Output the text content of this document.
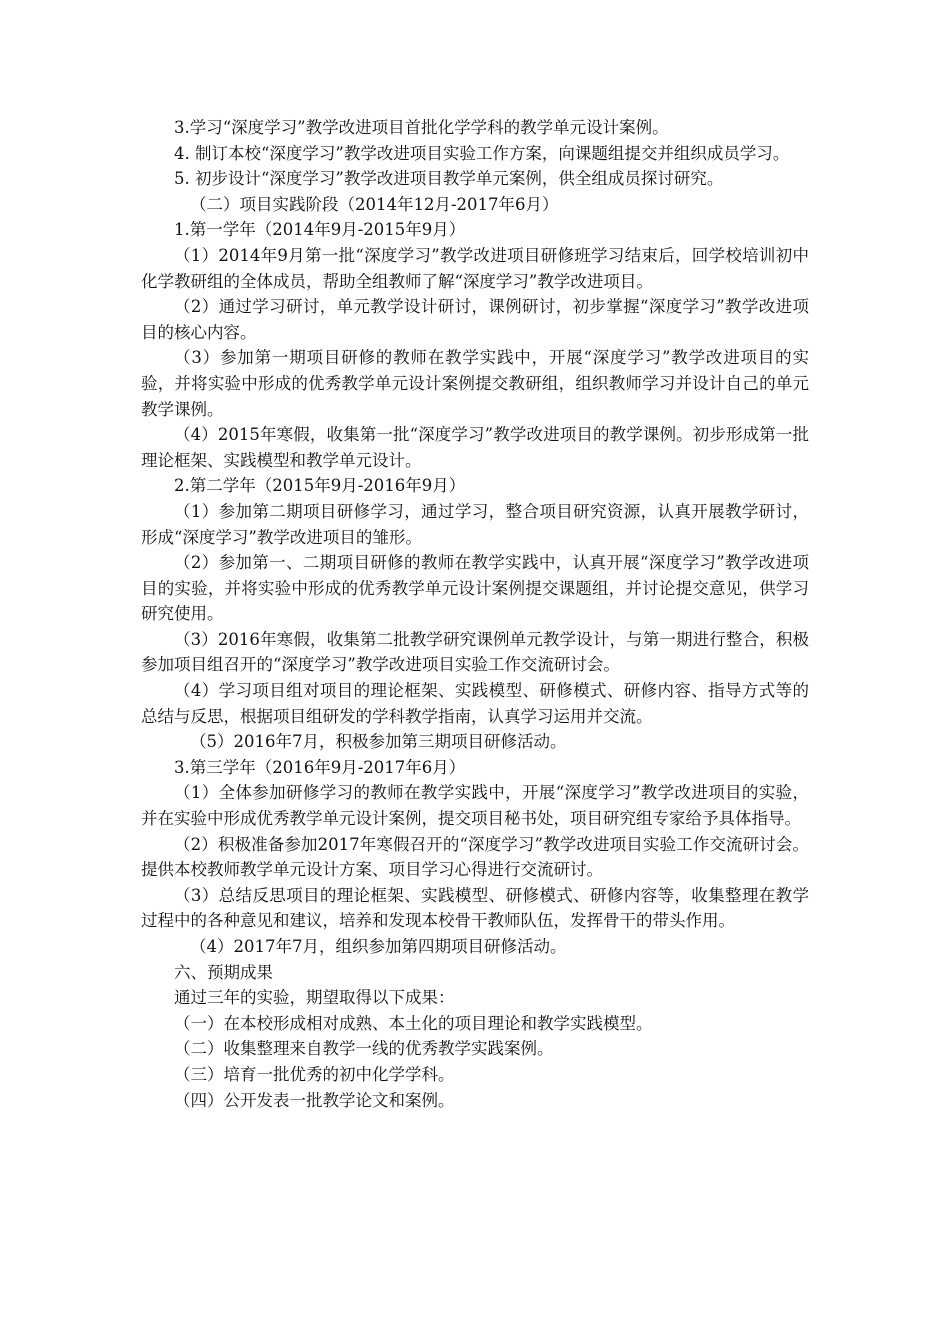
3.学习“深度学习”教学改进项目首批化学学科的教学单元设计案例。

4. 制订本校“深度学习”教学改进项目实验工作方案，向课题组提交并组织成员学习。

5. 初步设计“深度学习”教学改进项目教学单元案例，供全组成员探讨研究。

（二）项目实践阶段（2014年12月-2017年6月）

1.第一学年（2014年9月-2015年9月）

（1）2014年9月第一批“深度学习”教学改进项目研修班学习结束后，回学校培训初中化学教研组的全体成员，帮助全组教师了解“深度学习”教学改进项目。

（2）通过学习研讨，单元教学设计研讨，课例研讨，初步掌握“深度学习”教学改进项目的核心内容。

（3）参加第一期项目研修的教师在教学实践中，开展“深度学习”教学改进项目的实验，并将实验中形成的优秀教学单元设计案例提交教研组，组织教师学习并设计自己的单元教学课例。

（4）2015年寒假，收集第一批“深度学习”教学改进项目的教学课例。初步形成第一批理论框架、实践模型和教学单元设计。

2.第二学年（2015年9月-2016年9月）

（1）参加第二期项目研修学习，通过学习，整合项目研究资源，认真开展教学研讨，形成“深度学习”教学改进项目的雏形。

（2）参加第一、二期项目研修的教师在教学实践中，认真开展“深度学习”教学改进项目的实验，并将实验中形成的优秀教学单元设计案例提交课题组，并讨论提交意见，供学习研究使用。

（3）2016年寒假，收集第二批教学研究课例单元教学设计，与第一期进行整合，积极参加项目组召开的“深度学习”教学改进项目实验工作交流研讨会。

（4）学习项目组对项目的理论框架、实践模型、研修模式、研修内容、指导方式等的总结与反思，根据项目组研发的学科教学指南，认真学习运用并交流。

（5）2016年7月，积极参加第三期项目研修活动。

3.第三学年（2016年9月-2017年6月）

（1）全体参加研修学习的教师在教学实践中，开展“深度学习”教学改进项目的实验，并在实验中形成优秀教学单元设计案例，提交项目秘书处，项目研究组专家给予具体指导。

（2）积极准备参加2017年寒假召开的“深度学习”教学改进项目实验工作交流研讨会。提供本校教师教学单元设计方案、项目学习心得进行交流研讨。

（3）总结反思项目的理论框架、实践模型、研修模式、研修内容等，收集整理在教学过程中的各种意见和建议，培养和发现本校骨干教师队伍，发挥骨干的带头作用。

（4）2017年7月，组织参加第四期项目研修活动。

六、预期成果

通过三年的实验，期望取得以下成果：

（一）在本校形成相对成熟、本土化的项目理论和教学实践模型。

（二）收集整理来自教学一线的优秀教学实践案例。

（三）培育一批优秀的初中化学学科。

（四）公开发表一批教学论文和案例。
